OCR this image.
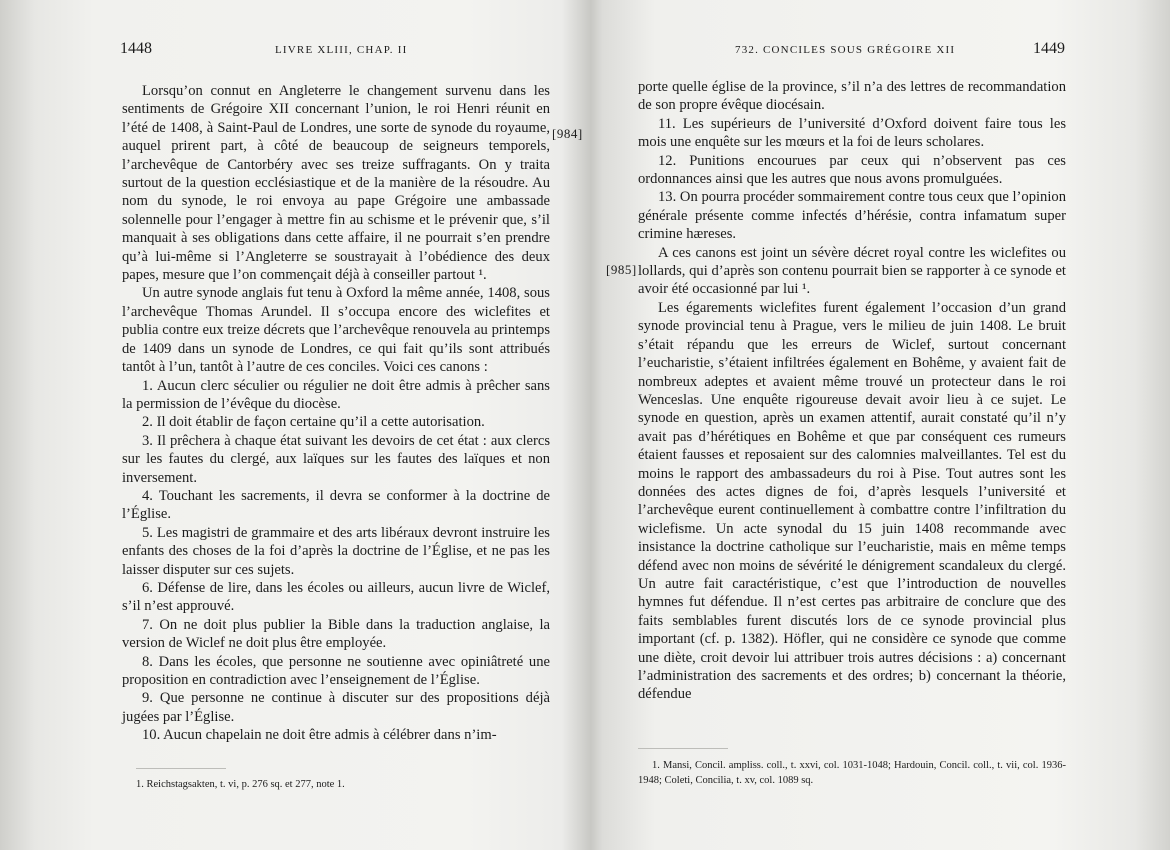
1448	LIVRE XLIII, CHAP. II
[984]

Lorsqu’on connut en Angleterre le changement survenu dans les sentiments de Grégoire XII concernant l’union, le roi Henri réunit en l’été de 1408, à Saint-Paul de Londres, une sorte de synode du royaume, auquel prirent part, à côté de beaucoup de seigneurs temporels, l’archevêque de Cantorbéry avec ses treize suffragants. On y traita surtout de la question ecclésiastique et de la manière de la résoudre. Au nom du synode, le roi envoya au pape Grégoire une ambassade solennelle pour l’engager à mettre fin au schisme et le prévenir que, s’il manquait à ses obligations dans cette affaire, il ne pourrait s’en prendre qu’à lui-même si l’Angleterre se soustrayait à l’obédience des deux papes, mesure que l’on commençait déjà à conseiller partout ¹.

Un autre synode anglais fut tenu à Oxford la même année, 1408, sous l’archevêque Thomas Arundel. Il s’occupa encore des wiclefites et publia contre eux treize décrets que l’archevêque renouvela au printemps de 1409 dans un synode de Londres, ce qui fait qu’ils sont attribués tantôt à l’un, tantôt à l’autre de ces conciles. Voici ces canons :

1. Aucun clerc séculier ou régulier ne doit être admis à prêcher sans la permission de l’évêque du diocèse.

2. Il doit établir de façon certaine qu’il a cette autorisation.

3. Il prêchera à chaque état suivant les devoirs de cet état : aux clercs sur les fautes du clergé, aux laïques sur les fautes des laïques et non inversement.

4. Touchant les sacrements, il devra se conformer à la doctrine de l’Église.

5. Les magistri de grammaire et des arts libéraux devront instruire les enfants des choses de la foi d’après la doctrine de l’Église, et ne pas les laisser disputer sur ces sujets.

6. Défense de lire, dans les écoles ou ailleurs, aucun livre de Wiclef, s’il n’est approuvé.

7. On ne doit plus publier la Bible dans la traduction anglaise, la version de Wiclef ne doit plus être employée.

8. Dans les écoles, que personne ne soutienne avec opiniâtreté une proposition en contradiction avec l’enseignement de l’Église.

9. Que personne ne continue à discuter sur des propositions déjà jugées par l’Église.

10. Aucun chapelain ne doit être admis à célébrer dans n’im-

1. Reichstagsakten, t. vi, p. 276 sq. et 277, note 1.
732. CONCILES SOUS GRÉGOIRE XII	1449
[985]

porte quelle église de la province, s’il n’a des lettres de recommandation de son propre évêque diocésain.

11. Les supérieurs de l’université d’Oxford doivent faire tous les mois une enquête sur les mœurs et la foi de leurs scholares.

12. Punitions encourues par ceux qui n’observent pas ces ordonnances ainsi que les autres que nous avons promulguées.

13. On pourra procéder sommairement contre tous ceux que l’opinion générale présente comme infectés d’hérésie, contra infamatum super crimine hæreses.

A ces canons est joint un sévère décret royal contre les wiclefites ou lollards, qui d’après son contenu pourrait bien se rapporter à ce synode et avoir été occasionné par lui ¹.

Les égarements wiclefites furent également l’occasion d’un grand synode provincial tenu à Prague, vers le milieu de juin 1408. Le bruit s’était répandu que les erreurs de Wiclef, surtout concernant l’eucharistie, s’étaient infiltrées également en Bohême, y avaient fait de nombreux adeptes et avaient même trouvé un protecteur dans le roi Wenceslas. Une enquête rigoureuse devait avoir lieu à ce sujet. Le synode en question, après un examen attentif, aurait constaté qu’il n’y avait pas d’hérétiques en Bohême et que par conséquent ces rumeurs étaient fausses et reposaient sur des calomnies malveillantes. Tel est du moins le rapport des ambassadeurs du roi à Pise. Tout autres sont les données des actes dignes de foi, d’après lesquels l’université et l’archevêque eurent continuellement à combattre contre l’infiltration du wiclefisme. Un acte synodal du 15 juin 1408 recommande avec insistance la doctrine catholique sur l’eucharistie, mais en même temps défend avec non moins de sévérité le dénigrement scandaleux du clergé. Un autre fait caractéristique, c’est que l’introduction de nouvelles hymnes fut défendue. Il n’est certes pas arbitraire de conclure que des faits semblables furent discutés lors de ce synode provincial plus important (cf. p. 1382). Höfler, qui ne considère ce synode que comme une diète, croit devoir lui attribuer trois autres décisions : a) concernant l’administration des sacrements et des ordres; b) concernant la théorie, défendue

1. Mansi, Concil. ampliss. coll., t. xxvi, col. 1031-1048; Hardouin, Concil. coll., t. vii, col. 1936-1948; Coleti, Concilia, t. xv, col. 1089 sq.
